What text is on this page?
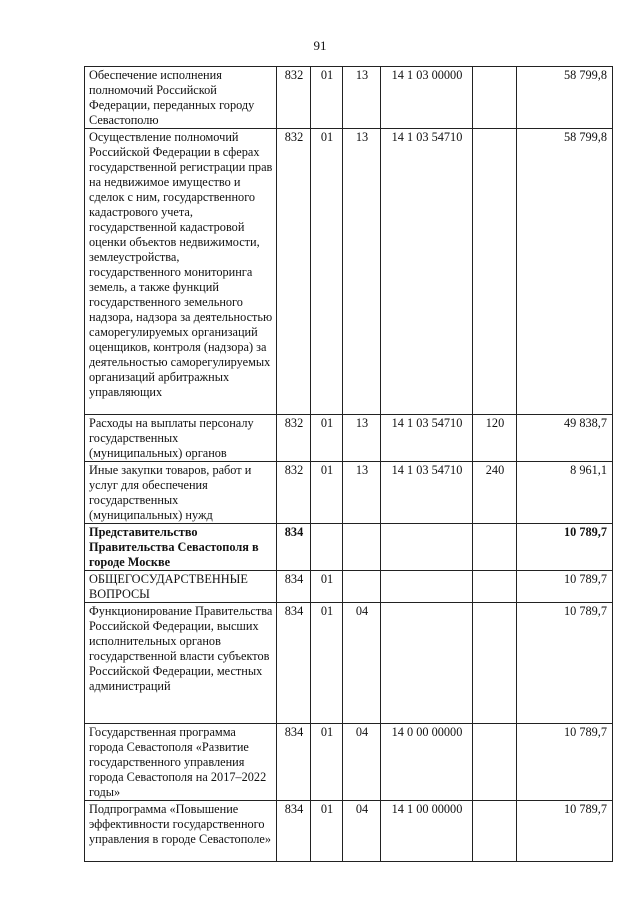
91
Обеспечение исполнения полномочий Российской Федерации, переданных городу Севастополю	832	01	13	14 1 03 00000		58 799,8
Осуществление полномочий Российской Федерации в сферах государственной регистрации прав на недвижимое имущество и сделок с ним, государственного кадастрового учета, государственной кадастровой оценки объектов недвижимости, землеустройства, государственного мониторинга земель, а также функций государственного земельного надзора, надзора за деятельностью саморегулируемых организаций оценщиков, контроля (надзора) за деятельностью саморегулируемых организаций арбитражных управляющих	832	01	13	14 1 03 54710		58 799,8
Расходы на выплаты персоналу государственных (муниципальных) органов	832	01	13	14 1 03 54710	120	49 838,7
Иные закупки товаров, работ и услуг для обеспечения государственных (муниципальных) нужд	832	01	13	14 1 03 54710	240	8 961,1
Представительство Правительства Севастополя в городе Москве	834					10 789,7
ОБЩЕГОСУДАРСТВЕННЫЕ ВОПРОСЫ	834	01				10 789,7
Функционирование Правительства Российской Федерации, высших исполнительных органов государственной власти субъектов Российской Федерации, местных администраций	834	01	04			10 789,7
Государственная программа города Севастополя «Развитие государственного управления города Севастополя на 2017–2022 годы»	834	01	04	14 0 00 00000		10 789,7
Подпрограмма «Повышение эффективности государственного управления в городе Севастополе»	834	01	04	14 1 00 00000		10 789,7
